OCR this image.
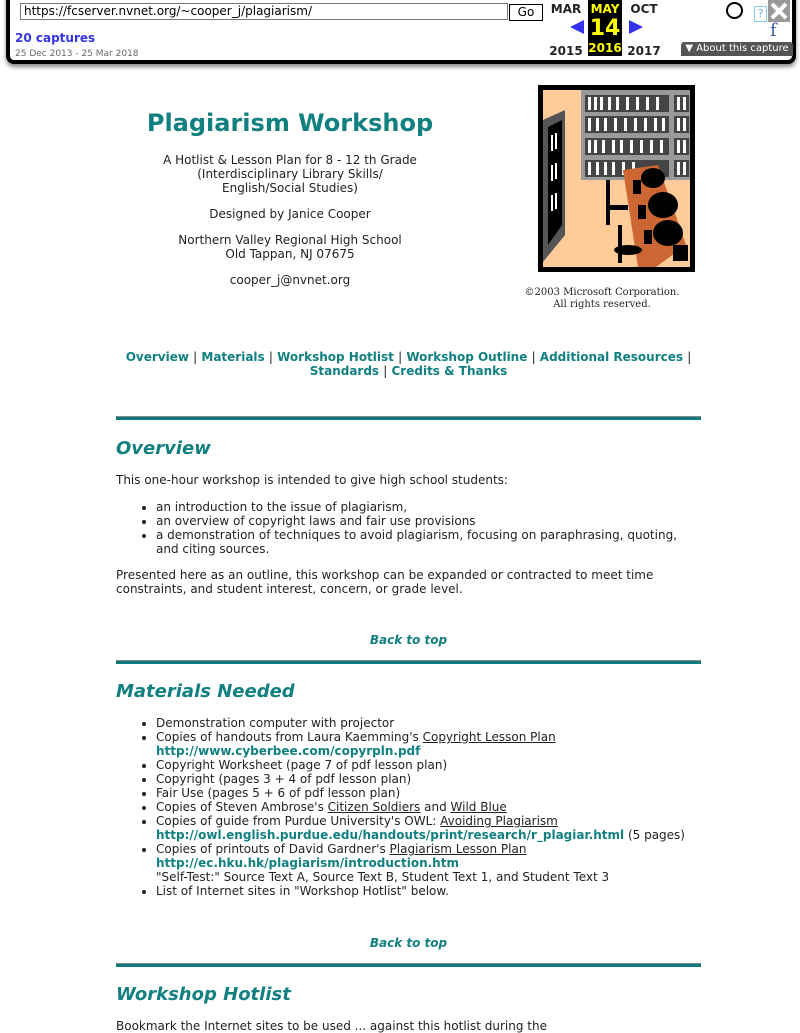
https://fcserver.nvnet.org/~cooper_j/plagiarism/	Go
20 captures
25 Dec 2013 - 25 Mar 2018
MAR
2015
MAY
14
2016
OCT
2017
?
f
▼ About this capture
Plagiarism Workshop

A Hotlist & Lesson Plan for 8 - 12 th Grade
(Interdisciplinary Library Skills/
English/Social Studies)

Designed by Janice Cooper

Northern Valley Regional High School
Old Tappan, NJ 07675

cooper_j@nvnet.org

©2003 Microsoft Corporation.
All rights reserved.
Overview | Materials | Workshop Hotlist | Workshop Outline | Additional Resources |
Standards | Credits & Thanks
Overview

This one-hour workshop is intended to give high school students:

• an introduction to the issue of plagiarism,
• an overview of copyright laws and fair use provisions
• a demonstration of techniques to avoid plagiarism, focusing on paraphrasing, quoting, and citing sources.

Presented here as an outline, this workshop can be expanded or contracted to meet time constraints, and student interest, concern, or grade level.

Back to top
Materials Needed
• Demonstration computer with projector
• Copies of handouts from Laura Kaemming's Copyright Lesson Plan
http://www.cyberbee.com/copyrpln.pdf
• Copyright Worksheet (page 7 of pdf lesson plan)
• Copyright (pages 3 + 4 of pdf lesson plan)
• Fair Use (pages 5 + 6 of pdf lesson plan)
• Copies of Steven Ambrose's Citizen Soldiers and Wild Blue
• Copies of guide from Purdue University's OWL: Avoiding Plagiarism
http://owl.english.purdue.edu/handouts/print/research/r_plagiar.html (5 pages)
• Copies of printouts of David Gardner's Plagiarism Lesson Plan
http://ec.hku.hk/plagiarism/introduction.htm
"Self-Test:" Source Text A, Source Text B, Student Text 1, and Student Text 3
• List of Internet sites in "Workshop Hotlist" below.
Back to top
Workshop Hotlist

Bookmark the Internet sites to be used ... against this hotlist during the
